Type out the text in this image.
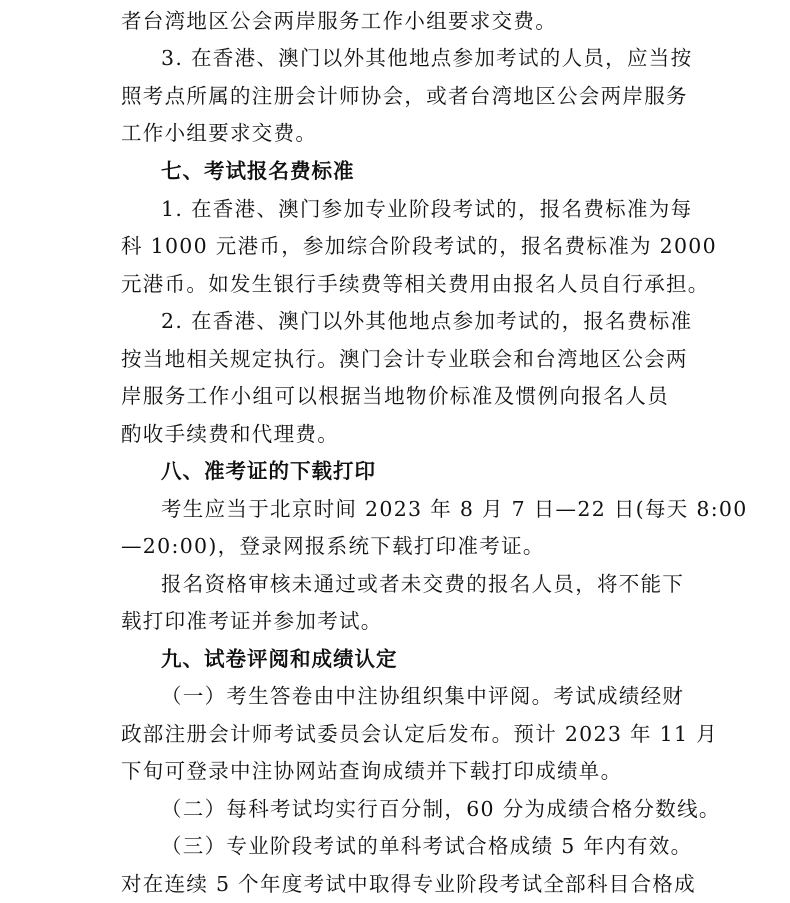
者台湾地区公会两岸服务工作小组要求交费。
3. 在香港、澳门以外其他地点参加考试的人员，应当按
照考点所属的注册会计师协会，或者台湾地区公会两岸服务
工作小组要求交费。
七、考试报名费标准
1. 在香港、澳门参加专业阶段考试的，报名费标准为每
科 1000 元港币，参加综合阶段考试的，报名费标准为 2000
元港币。如发生银行手续费等相关费用由报名人员自行承担。
2. 在香港、澳门以外其他地点参加考试的，报名费标准
按当地相关规定执行。澳门会计专业联会和台湾地区公会两
岸服务工作小组可以根据当地物价标准及惯例向报名人员
酌收手续费和代理费。
八、准考证的下载打印
考生应当于北京时间 2023 年 8 月 7 日—22 日(每天 8:00
—20:00)，登录网报系统下载打印准考证。
报名资格审核未通过或者未交费的报名人员，将不能下
载打印准考证并参加考试。
九、试卷评阅和成绩认定
（一）考生答卷由中注协组织集中评阅。考试成绩经财
政部注册会计师考试委员会认定后发布。预计 2023 年 11 月
下旬可登录中注协网站查询成绩并下载打印成绩单。
（二）每科考试均实行百分制，60 分为成绩合格分数线。
（三）专业阶段考试的单科考试合格成绩 5 年内有效。
对在连续 5 个年度考试中取得专业阶段考试全部科目合格成
